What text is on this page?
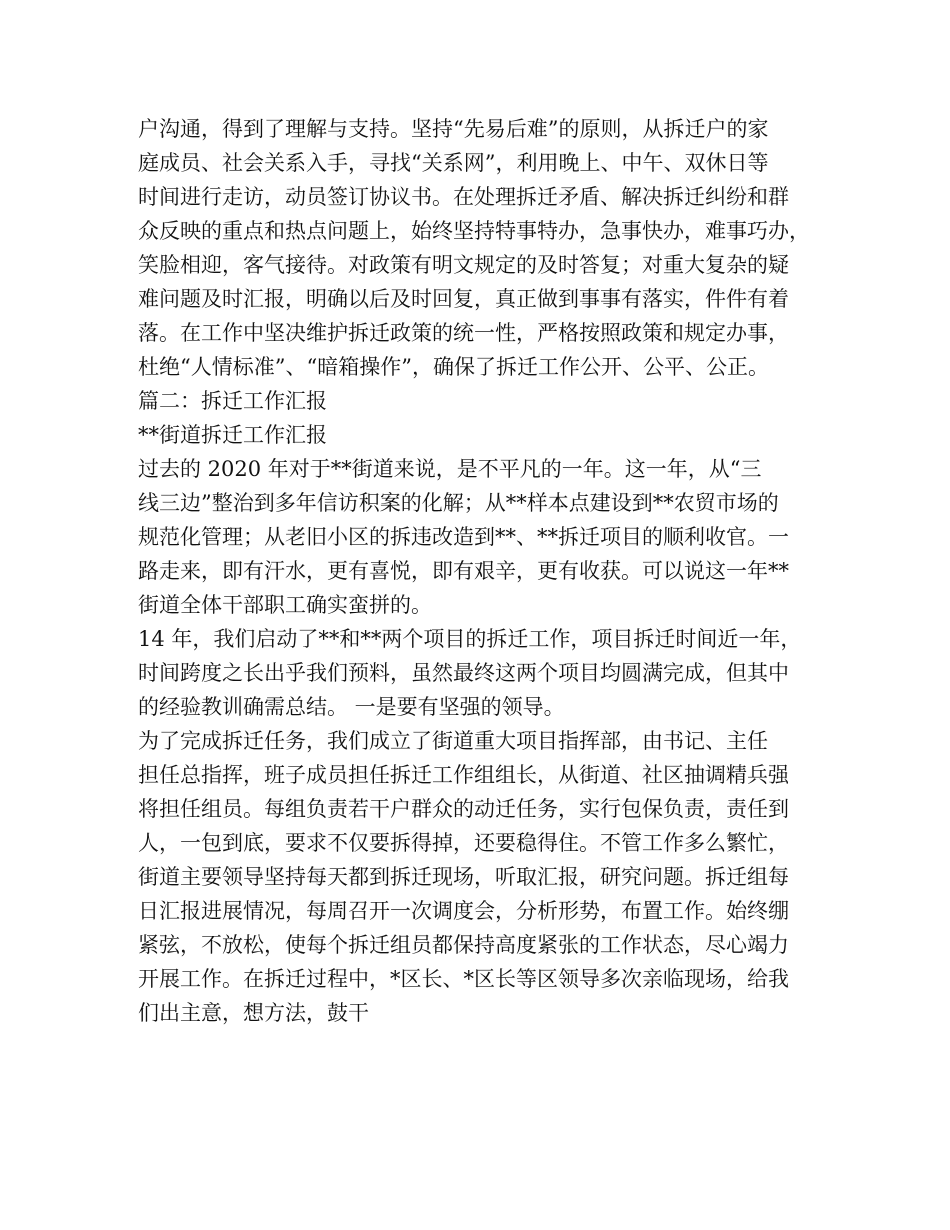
户沟通，得到了理解与支持。坚持“先易后难”的原则，从拆迁户的家
庭成员、社会关系入手，寻找“关系网”，利用晚上、中午、双休日等
时间进行走访，动员签订协议书。在处理拆迁矛盾、解决拆迁纠纷和群
众反映的重点和热点问题上，始终坚持特事特办，急事快办，难事巧办，
笑脸相迎，客气接待。对政策有明文规定的及时答复；对重大复杂的疑
难问题及时汇报，明确以后及时回复，真正做到事事有落实，件件有着
落。在工作中坚决维护拆迁政策的统一性，严格按照政策和规定办事，
杜绝“人情标准”、“暗箱操作”，确保了拆迁工作公开、公平、公正。
篇二：拆迁工作汇报
**街道拆迁工作汇报
过去的 2020 年对于**街道来说，是不平凡的一年。这一年，从“三
线三边”整治到多年信访积案的化解；从**样本点建设到**农贸市场的
规范化管理；从老旧小区的拆违改造到**、**拆迁项目的顺利收官。一
路走来，即有汗水，更有喜悦，即有艰辛，更有收获。可以说这一年**
街道全体干部职工确实蛮拼的。
14 年，我们启动了**和**两个项目的拆迁工作，项目拆迁时间近一年，
时间跨度之长出乎我们预料，虽然最终这两个项目均圆满完成，但其中
的经验教训确需总结。 一是要有坚强的领导。
为了完成拆迁任务，我们成立了街道重大项目指挥部，由书记、主任
担任总指挥，班子成员担任拆迁工作组组长，从街道、社区抽调精兵强
将担任组员。每组负责若干户群众的动迁任务，实行包保负责，责任到
人，一包到底，要求不仅要拆得掉，还要稳得住。不管工作多么繁忙，
街道主要领导坚持每天都到拆迁现场，听取汇报，研究问题。拆迁组每
日汇报进展情况，每周召开一次调度会，分析形势，布置工作。始终绷
紧弦，不放松，使每个拆迁组员都保持高度紧张的工作状态，尽心竭力
开展工作。在拆迁过程中，*区长、*区长等区领导多次亲临现场，给我
们出主意，想方法，鼓干
